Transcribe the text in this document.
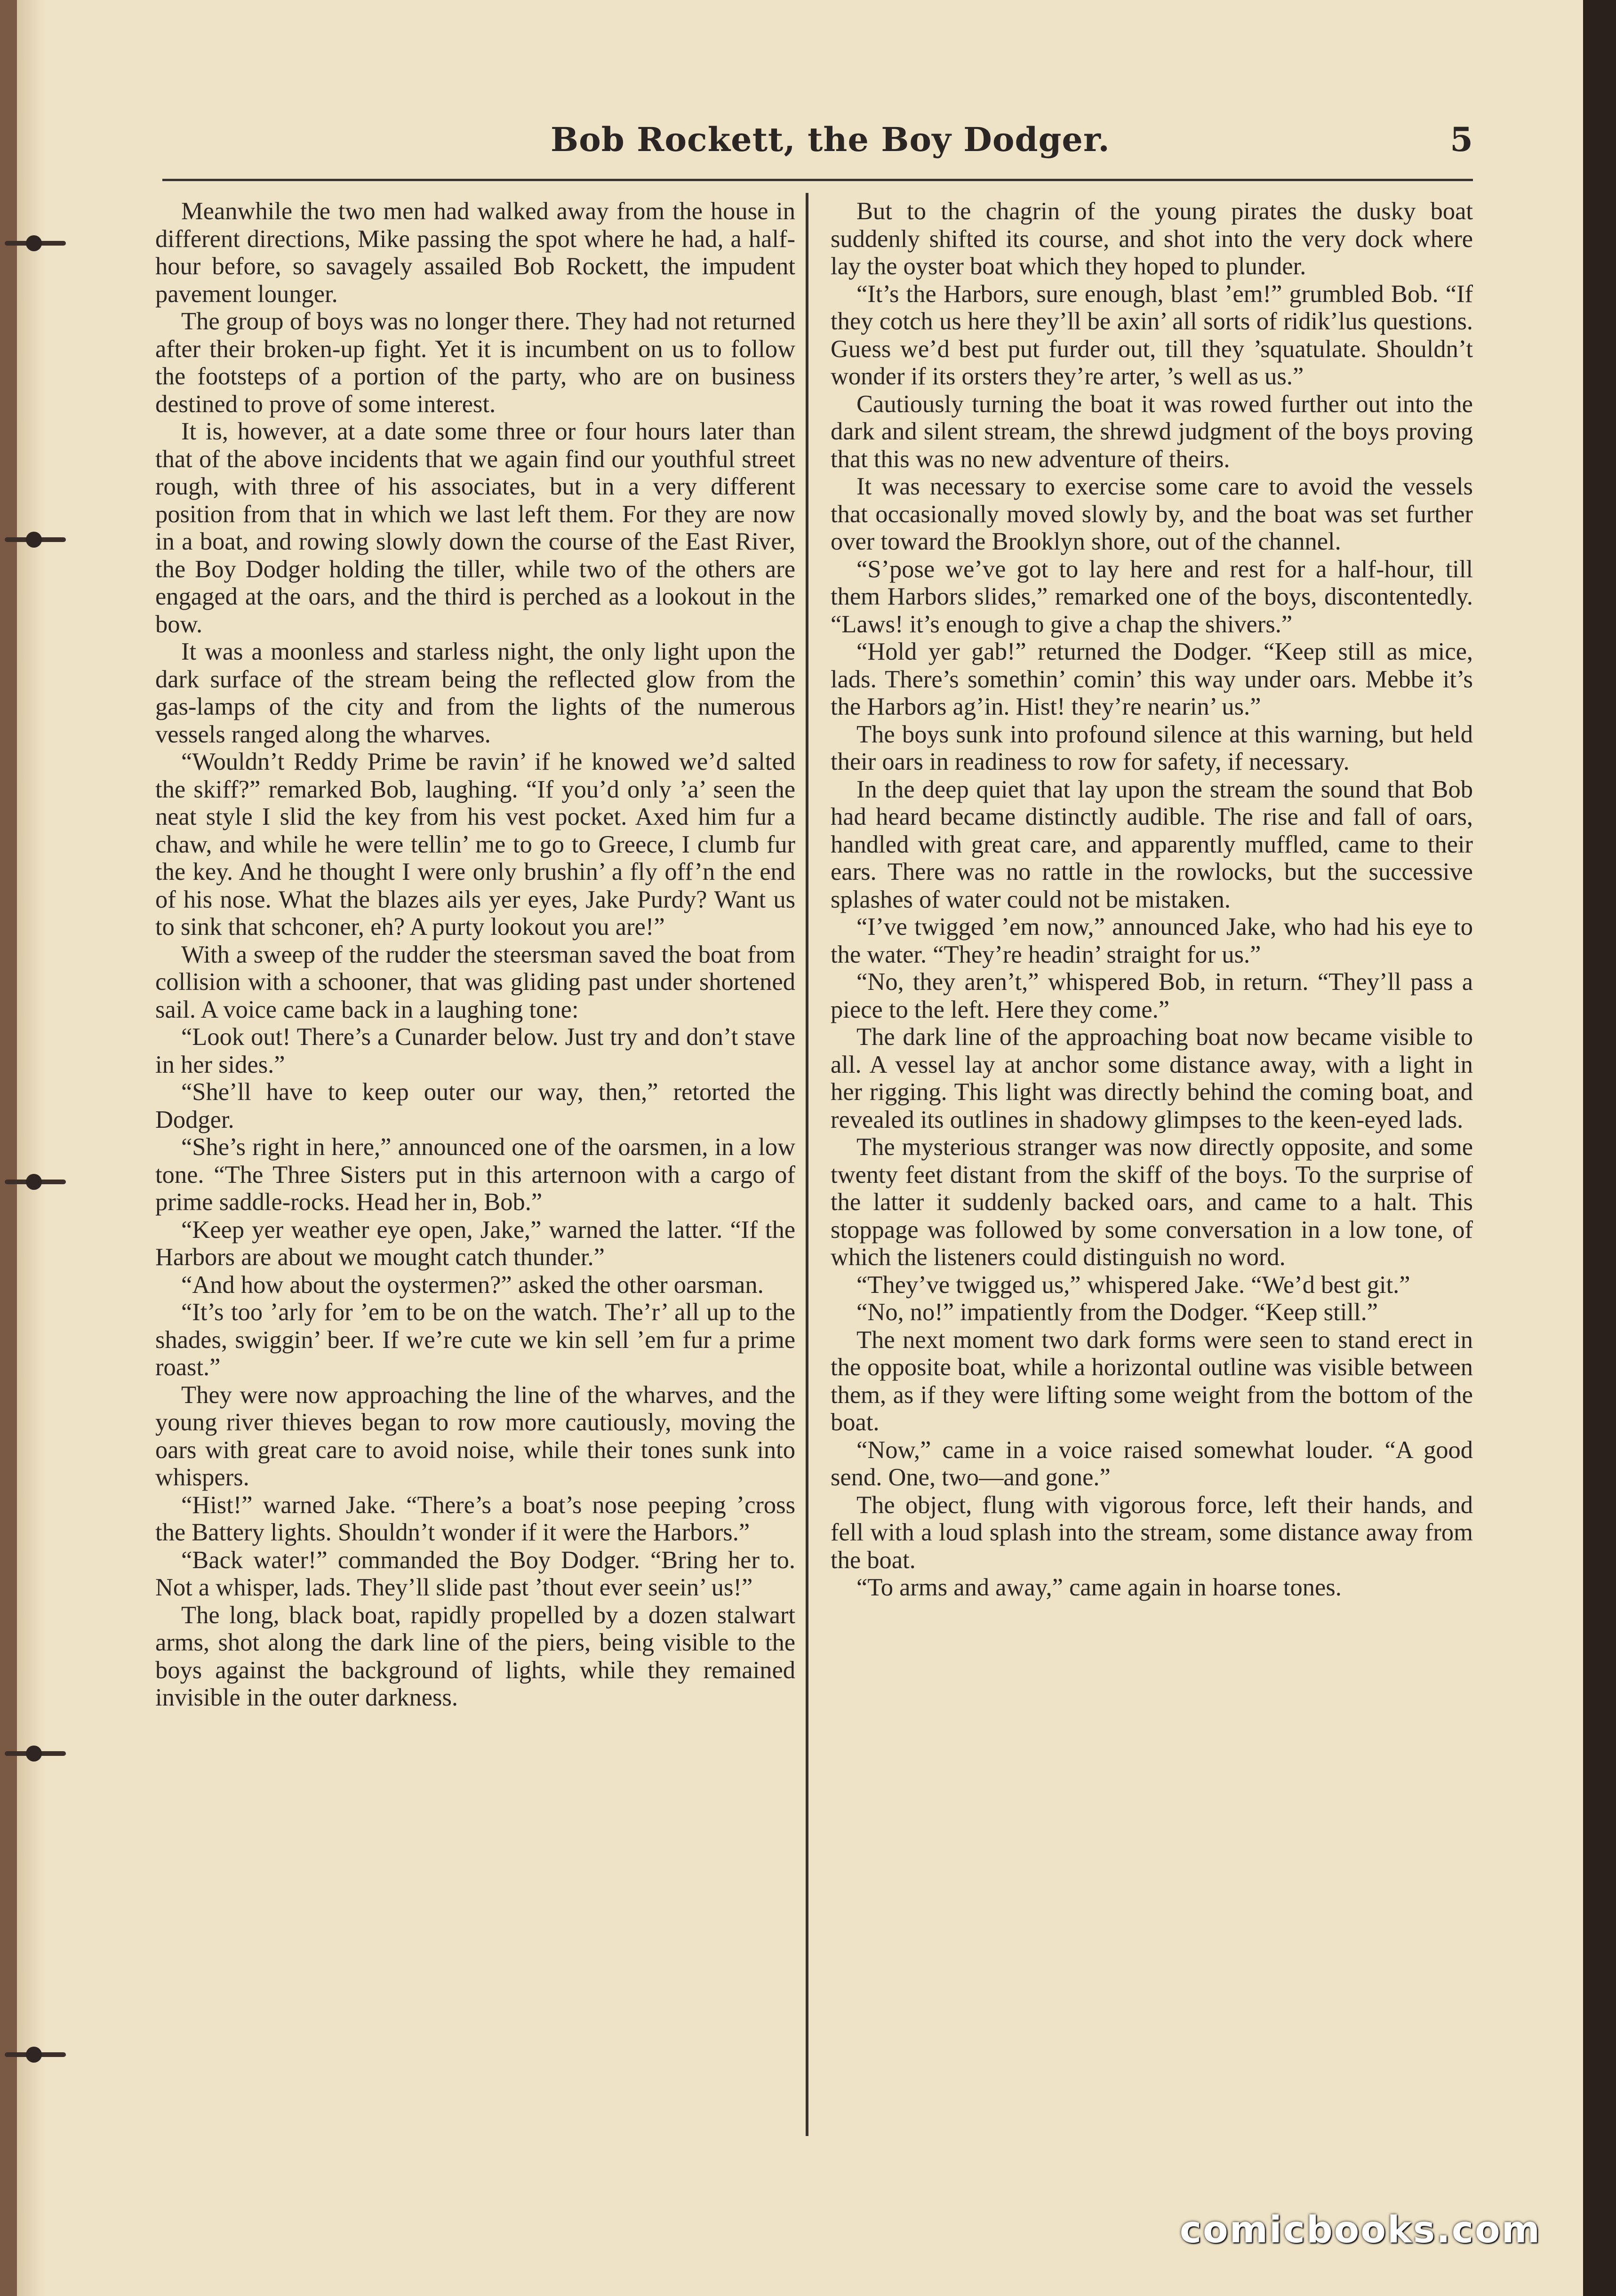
Bob Rockett, the Boy Dodger.	5

Meanwhile the two men had walked away from the house in different directions, Mike passing the spot where he had, a half-hour before, so savagely assailed Bob Rockett, the impudent pavement lounger.

The group of boys was no longer there. They had not returned after their broken-up fight. Yet it is incumbent on us to follow the footsteps of a portion of the party, who are on business destined to prove of some interest.

It is, however, at a date some three or four hours later than that of the above incidents that we again find our youthful street rough, with three of his associates, but in a very different position from that in which we last left them. For they are now in a boat, and rowing slowly down the course of the East River, the Boy Dodger holding the tiller, while two of the others are engaged at the oars, and the third is perched as a lookout in the bow.

It was a moonless and starless night, the only light upon the dark surface of the stream being the reflected glow from the gas-lamps of the city and from the lights of the numerous vessels ranged along the wharves.

“Wouldn’t Reddy Prime be ravin’ if he knowed we’d salted the skiff?” remarked Bob, laughing. “If you’d only ’a’ seen the neat style I slid the key from his vest pocket. Axed him fur a chaw, and while he were tellin’ me to go to Greece, I clumb fur the key. And he thought I were only brushin’ a fly off’n the end of his nose. What the blazes ails yer eyes, Jake Purdy? Want us to sink that schconer, eh? A purty lookout you are!”

With a sweep of the rudder the steersman saved the boat from collision with a schooner, that was gliding past under shortened sail. A voice came back in a laughing tone:

“Look out! There’s a Cunarder below. Just try and don’t stave in her sides.”

“She’ll have to keep outer our way, then,” retorted the Dodger.

“She’s right in here,” announced one of the oarsmen, in a low tone. “The Three Sisters put in this arternoon with a cargo of prime saddle-rocks. Head her in, Bob.”

“Keep yer weather eye open, Jake,” warned the latter. “If the Harbors are about we mought catch thunder.”

“And how about the oystermen?” asked the other oarsman.

“It’s too ’arly for ’em to be on the watch. The’r’ all up to the shades, swiggin’ beer. If we’re cute we kin sell ’em fur a prime roast.”

They were now approaching the line of the wharves, and the young river thieves began to row more cautiously, moving the oars with great care to avoid noise, while their tones sunk into whispers.

“Hist!” warned Jake. “There’s a boat’s nose peeping ’cross the Battery lights. Shouldn’t wonder if it were the Harbors.”

“Back water!” commanded the Boy Dodger. “Bring her to. Not a whisper, lads. They’ll slide past ’thout ever seein’ us!”

The long, black boat, rapidly propelled by a dozen stalwart arms, shot along the dark line of the piers, being visible to the boys against the background of lights, while they remained invisible in the outer darkness.

But to the chagrin of the young pirates the dusky boat suddenly shifted its course, and shot into the very dock where lay the oyster boat which they hoped to plunder.

“It’s the Harbors, sure enough, blast ’em!” grumbled Bob. “If they cotch us here they’ll be axin’ all sorts of ridik’lus questions. Guess we’d best put furder out, till they ’squatulate. Shouldn’t wonder if its orsters they’re arter, ’s well as us.”

Cautiously turning the boat it was rowed further out into the dark and silent stream, the shrewd judgment of the boys proving that this was no new adventure of theirs.

It was necessary to exercise some care to avoid the vessels that occasionally moved slowly by, and the boat was set further over toward the Brooklyn shore, out of the channel.

“S’pose we’ve got to lay here and rest for a half-hour, till them Harbors slides,” remarked one of the boys, discontentedly. “Laws! it’s enough to give a chap the shivers.”

“Hold yer gab!” returned the Dodger. “Keep still as mice, lads. There’s somethin’ comin’ this way under oars. Mebbe it’s the Harbors ag’in. Hist! they’re nearin’ us.”

The boys sunk into profound silence at this warning, but held their oars in readiness to row for safety, if necessary.

In the deep quiet that lay upon the stream the sound that Bob had heard became distinctly audible. The rise and fall of oars, handled with great care, and apparently muffled, came to their ears. There was no rattle in the rowlocks, but the successive splashes of water could not be mistaken.

“I’ve twigged ’em now,” announced Jake, who had his eye to the water. “They’re headin’ straight for us.”

“No, they aren’t,” whispered Bob, in return. “They’ll pass a piece to the left. Here they come.”

The dark line of the approaching boat now became visible to all. A vessel lay at anchor some distance away, with a light in her rigging. This light was directly behind the coming boat, and revealed its outlines in shadowy glimpses to the keen-eyed lads.

The mysterious stranger was now directly opposite, and some twenty feet distant from the skiff of the boys. To the surprise of the latter it suddenly backed oars, and came to a halt. This stoppage was followed by some conversation in a low tone, of which the listeners could distinguish no word.

“They’ve twigged us,” whispered Jake. “We’d best git.”

“No, no!” impatiently from the Dodger. “Keep still.”

The next moment two dark forms were seen to stand erect in the opposite boat, while a horizontal outline was visible between them, as if they were lifting some weight from the bottom of the boat.

“Now,” came in a voice raised somewhat louder. “A good send. One, two—and gone.”

The object, flung with vigorous force, left their hands, and fell with a loud splash into the stream, some distance away from the boat.

“To arms and away,” came again in hoarse tones.

comicbooks.com
